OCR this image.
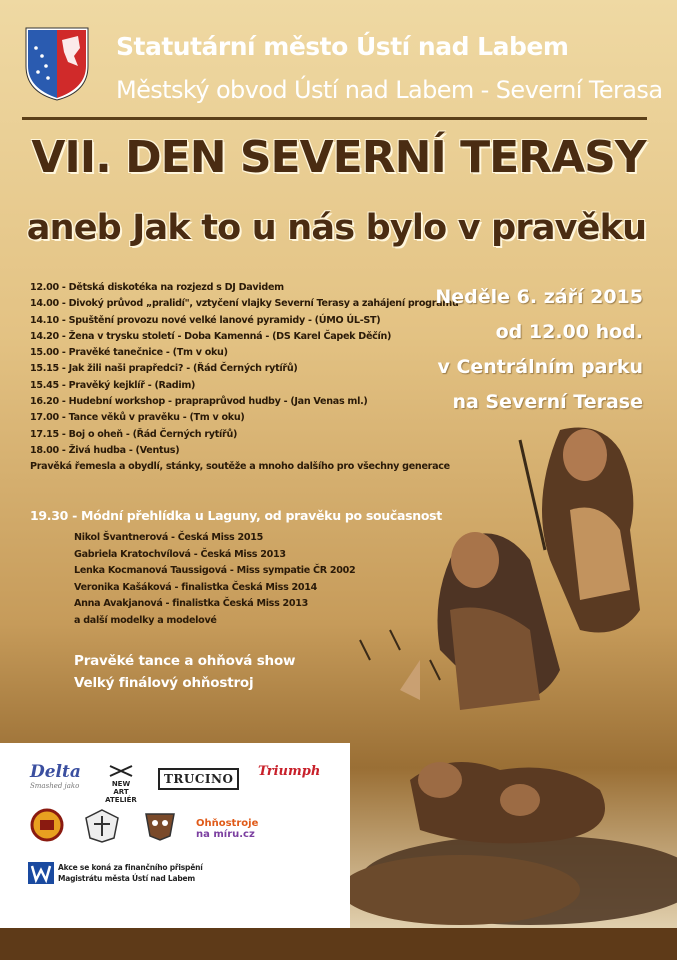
Statutární město Ústí nad Labem
Městský obvod Ústí nad Labem - Severní Terasa
VII. DEN SEVERNÍ TERASY
aneb Jak to u nás bylo v pravěku
12.00 - Dětská diskotéka na rozjezd s DJ Davidem
14.00 - Divoký průvod „pralidí", vztyčení vlajky Severní Terasy a zahájení programu
14.10 - Spuštění provozu nové velké lanové pyramidy - (ÚMO ÚL-ST)
14.20 - Žena v trysku století - Doba Kamenná - (DS Karel Čapek Děčín)
15.00 - Pravěké tanečnice - (Tm v oku)
15.15 - Jak žili naši prapředci? - (Řád Černých rytířů)
15.45 - Pravěký kejklíř - (Radim)
16.20 - Hudební workshop - prapraprůvod hudby - (Jan Venas ml.)
17.00 - Tance věků v pravěku - (Tm v oku)
17.15 - Boj o oheň - (Řád Černých rytířů)
18.00 - Živá hudba - (Ventus)
Pravěká řemesla a obydlí, stánky, soutěže a mnoho dalšího pro všechny generace
Neděle 6. září 2015
od 12.00 hod.
v Centrálním parku
na Severní Terase
19.30 - Módní přehlídka u Laguny, od pravěku po současnost
Nikol Švantnerová - Česká Miss 2015
Gabriela Kratochvílová - Česká Miss 2013
Lenka Kocmanová Taussigová - Miss sympatie ČR 2002
Veronika Kašáková - finalistka Česká Miss 2014
Anna Avakjanová - finalistka Česká Miss 2013
a další modelky a modelové
Pravěké tance a ohňová show
Velký finálový ohňostroj
Delta
Smashed jako	NEW ART ATELIÉR
TRUCINO	Triumph
Ohňostroje
na míru.cz
Akce se koná za finančního přispění
Magistrátu města Ústí nad Labem
